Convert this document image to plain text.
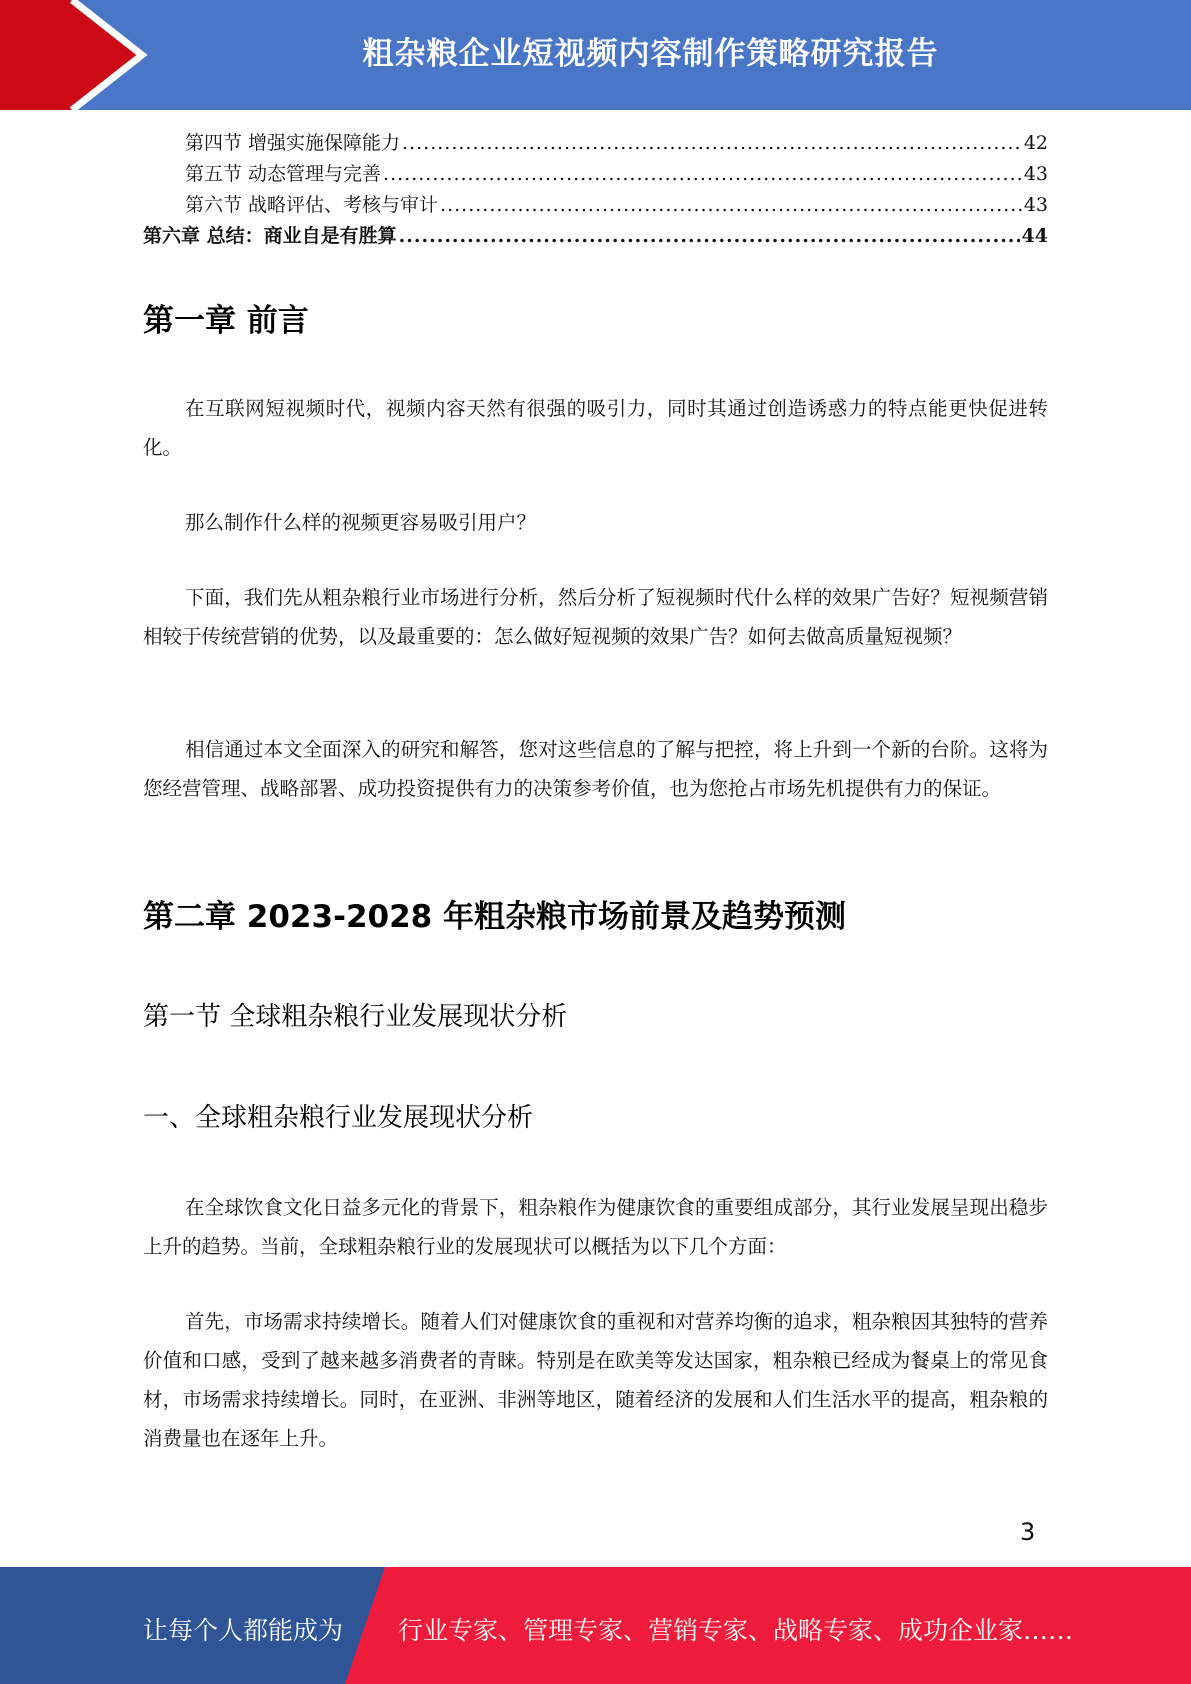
粗杂粮企业短视频内容制作策略研究报告
第四节 增强实施保障能力 .....	42
第五节 动态管理与完善 .....	43
第六节 战略评估、考核与审计 .....	43
第六章 总结：商业自是有胜算 .....	44
第一章 前言

在互联网短视频时代，视频内容天然有很强的吸引力，同时其通过创造诱惑力的特点能更快促进转化。

那么制作什么样的视频更容易吸引用户？

下面，我们先从粗杂粮行业市场进行分析，然后分析了短视频时代什么样的效果广告好？短视频营销相较于传统营销的优势，以及最重要的：怎么做好短视频的效果广告？如何去做高质量短视频？

相信通过本文全面深入的研究和解答，您对这些信息的了解与把控，将上升到一个新的台阶。这将为您经营管理、战略部署、成功投资提供有力的决策参考价值，也为您抢占市场先机提供有力的保证。

第二章 2023-2028 年粗杂粮市场前景及趋势预测
第一节 全球粗杂粮行业发展现状分析
一、全球粗杂粮行业发展现状分析

在全球饮食文化日益多元化的背景下，粗杂粮作为健康饮食的重要组成部分，其行业发展呈现出稳步上升的趋势。当前，全球粗杂粮行业的发展现状可以概括为以下几个方面：

首先，市场需求持续增长。随着人们对健康饮食的重视和对营养均衡的追求，粗杂粮因其独特的营养价值和口感，受到了越来越多消费者的青睐。特别是在欧美等发达国家，粗杂粮已经成为餐桌上的常见食材，市场需求持续增长。同时，在亚洲、非洲等地区，随着经济的发展和人们生活水平的提高，粗杂粮的消费量也在逐年上升。

3
让每个人都能成为 行业专家、管理专家、营销专家、战略专家、成功企业家……
